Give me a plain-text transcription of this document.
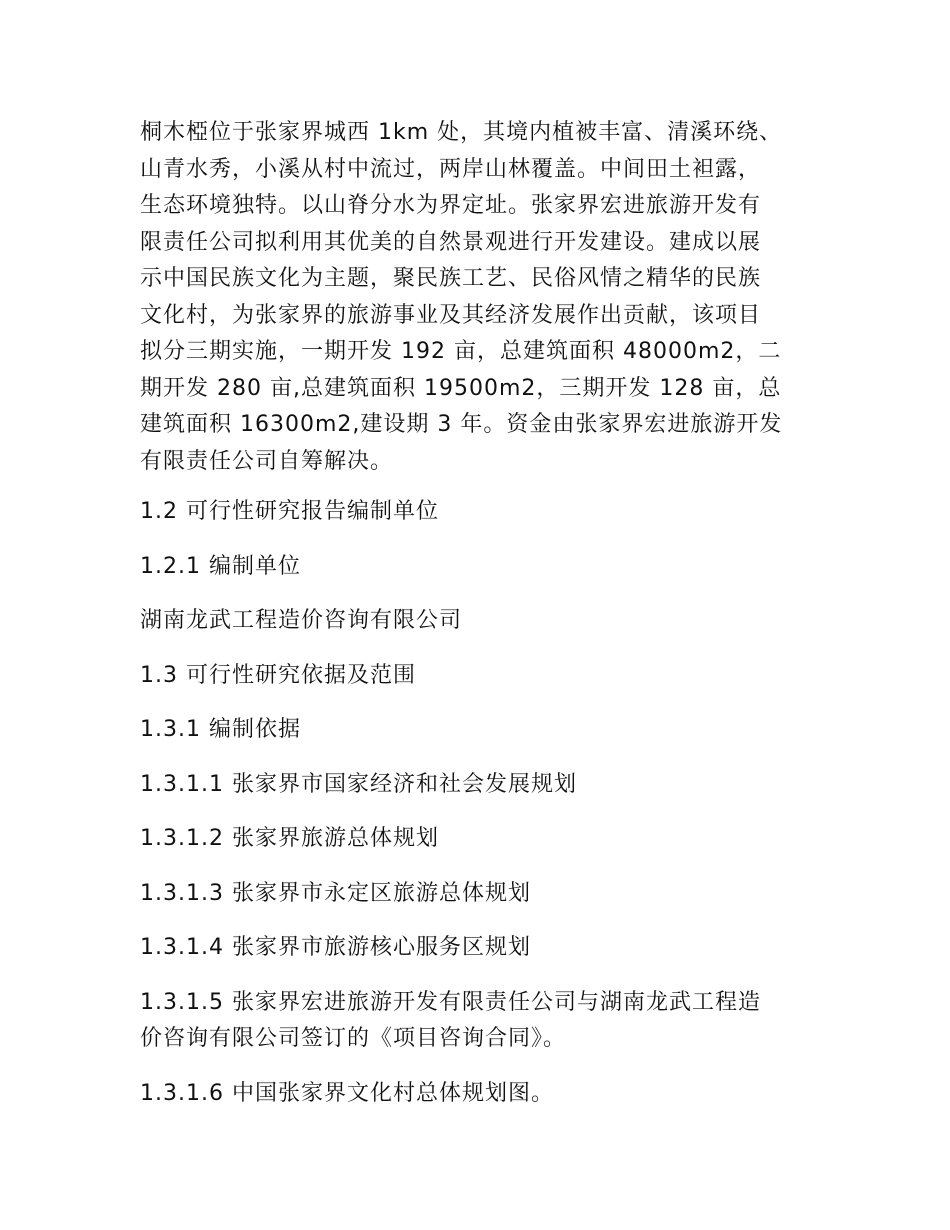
桐木椏位于张家界城西 1km 处，其境内植被丰富、清溪环绕、
山青水秀，小溪从村中流过，两岸山林覆盖。中间田土袒露，
生态环境独特。以山脊分水为界定址。张家界宏进旅游开发有
限责任公司拟利用其优美的自然景观进行开发建设。建成以展
示中国民族文化为主题，聚民族工艺、民俗风情之精华的民族
文化村，为张家界的旅游事业及其经济发展作出贡献，该项目
拟分三期实施，一期开发 192 亩，总建筑面积 48000m2，二
期开发 280 亩,总建筑面积 19500m2，三期开发 128 亩，总
建筑面积 16300m2,建设期 3 年。资金由张家界宏进旅游开发
有限责任公司自筹解决。

1.2 可行性研究报告编制单位

1.2.1 编制单位

湖南龙武工程造价咨询有限公司

1.3 可行性研究依据及范围

1.3.1 编制依据

1.3.1.1 张家界市国家经济和社会发展规划

1.3.1.2 张家界旅游总体规划

1.3.1.3 张家界市永定区旅游总体规划

1.3.1.4 张家界市旅游核心服务区规划

1.3.1.5 张家界宏进旅游开发有限责任公司与湖南龙武工程造
价咨询有限公司签订的《项目咨询合同》。

1.3.1.6 中国张家界文化村总体规划图。
